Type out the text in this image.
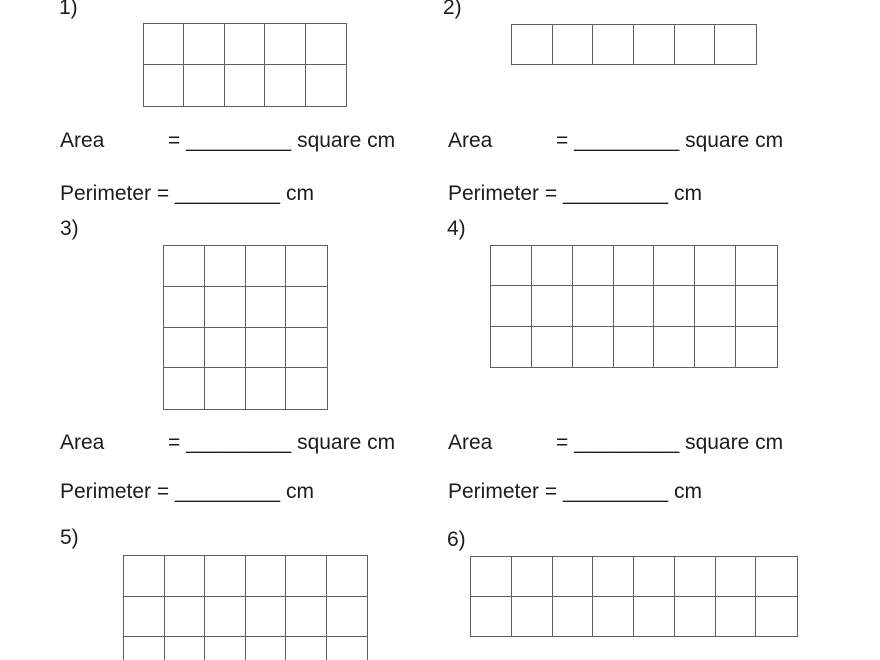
1)	2)
3)	4)
5)	6)
Area	= _________ square cm
Perimeter = _________ cm
Area	= _________ square cm
Perimeter = _________ cm
Area	= _________ square cm
Perimeter = _________ cm
Area	= _________ square cm
Perimeter = _________ cm
